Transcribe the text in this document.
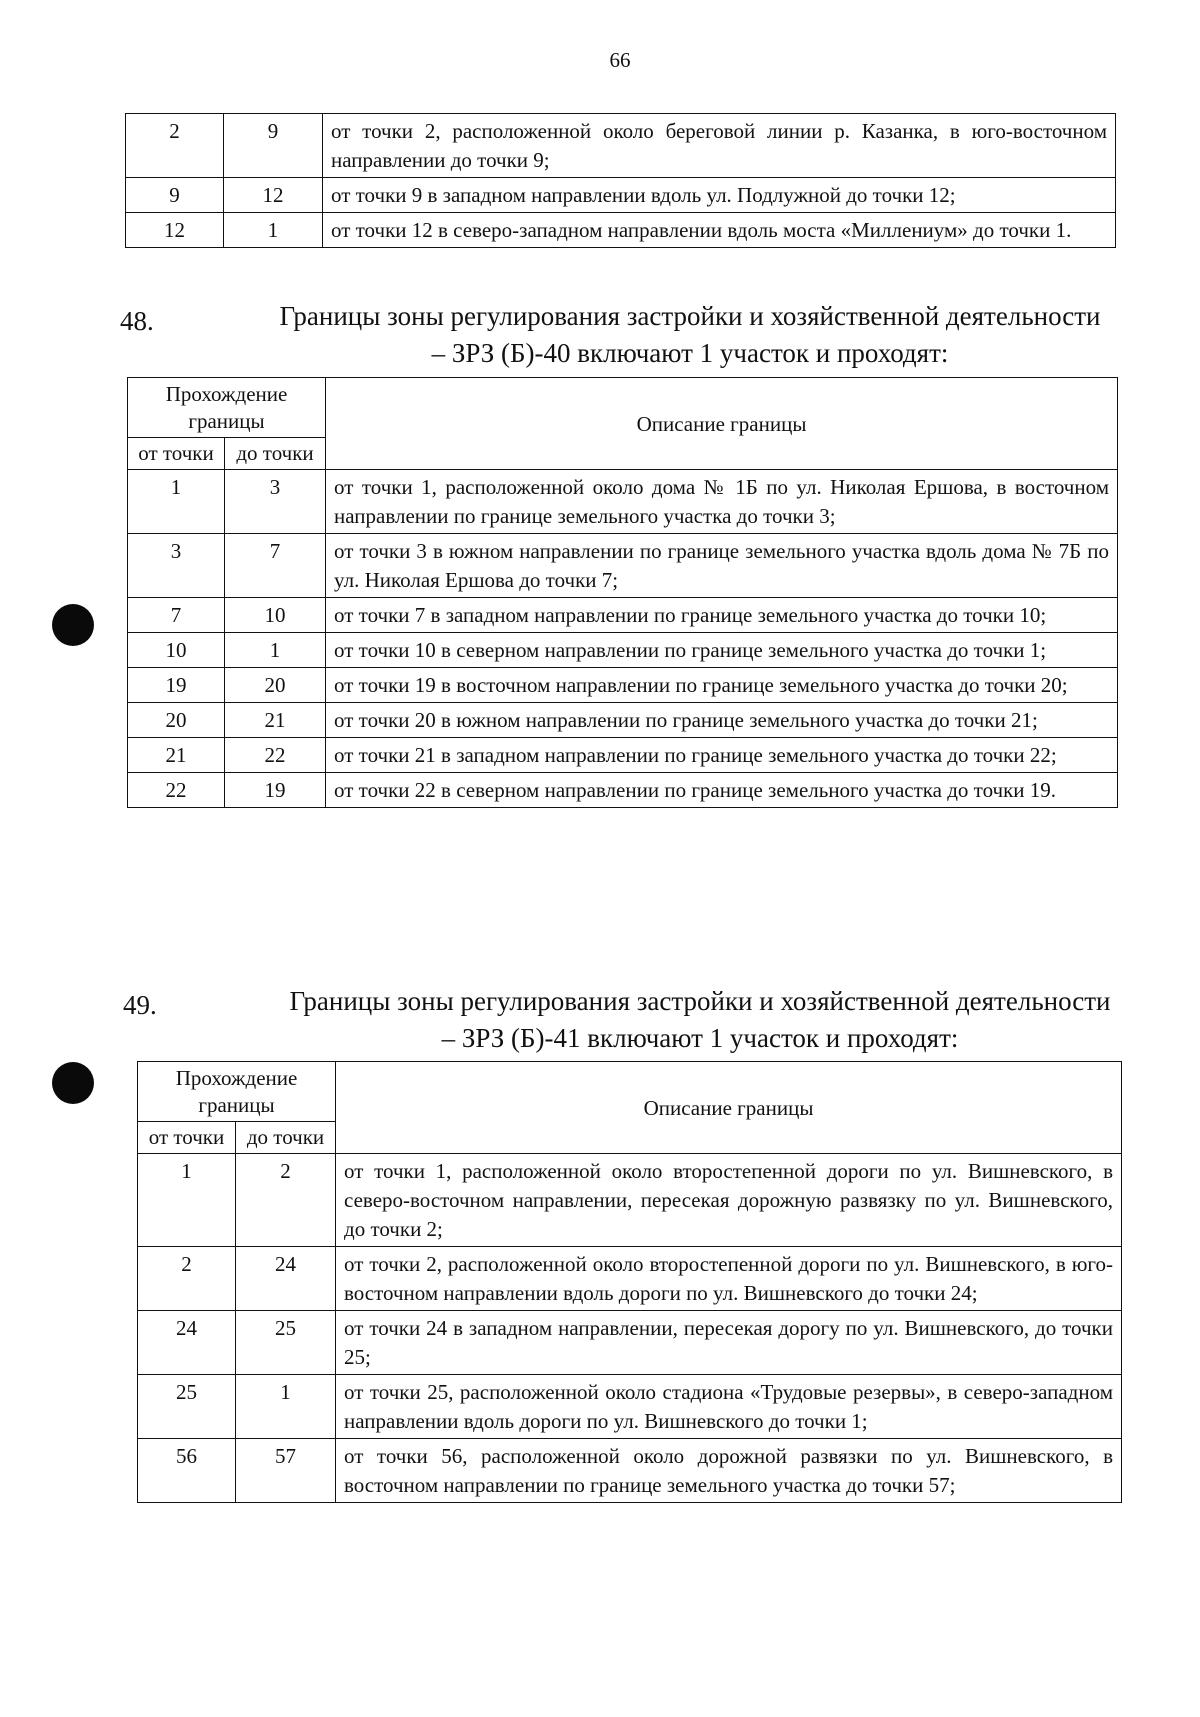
66
2	9	от точки 2, расположенной около береговой линии р. Казанка, в юго-восточном направлении до точки 9;
9	12	от точки 9 в западном направлении вдоль ул. Подлужной до точки 12;
12	1	от точки 12 в северо-западном направлении вдоль моста «Миллениум» до точки 1.
48.	Границы зоны регулирования застройки и хозяйственной деятельности
– ЗРЗ (Б)-40 включают 1 участок и проходят:
Прохождение границы		Описание границы
от точки	до точки	
1	3	от точки 1, расположенной около дома № 1Б по ул. Николая Ершова, в восточном направлении по границе земельного участка до точки 3;
3	7	от точки 3 в южном направлении по границе земельного участка вдоль дома № 7Б по ул. Николая Ершова до точки 7;
7	10	от точки 7 в западном направлении по границе земельного участка до точки 10;
10	1	от точки 10 в северном направлении по границе земельного участка до точки 1;
19	20	от точки 19 в восточном направлении по границе земельного участка до точки 20;
20	21	от точки 20 в южном направлении по границе земельного участка до точки 21;
21	22	от точки 21 в западном направлении по границе земельного участка до точки 22;
22	19	от точки 22 в северном направлении по границе земельного участка до точки 19.
49.	Границы зоны регулирования застройки и хозяйственной деятельности
– ЗРЗ (Б)-41 включают 1 участок и проходят:
Прохождение границы		Описание границы
от точки	до точки	
1	2	от точки 1, расположенной около второстепенной дороги по ул. Вишневского, в северо-восточном направлении, пересекая дорожную развязку по ул. Вишневского, до точки 2;
2	24	от точки 2, расположенной около второстепенной дороги по ул. Вишневского, в юго-восточном направлении вдоль дороги по ул. Вишневского до точки 24;
24	25	от точки 24 в западном направлении, пересекая дорогу по ул. Вишневского, до точки 25;
25	1	от точки 25, расположенной около стадиона «Трудовые резервы», в северо-западном направлении вдоль дороги по ул. Вишневского до точки 1;
56	57	от точки 56, расположенной около дорожной развязки по ул. Вишневского, в восточном направлении по границе земельного участка до точки 57;
